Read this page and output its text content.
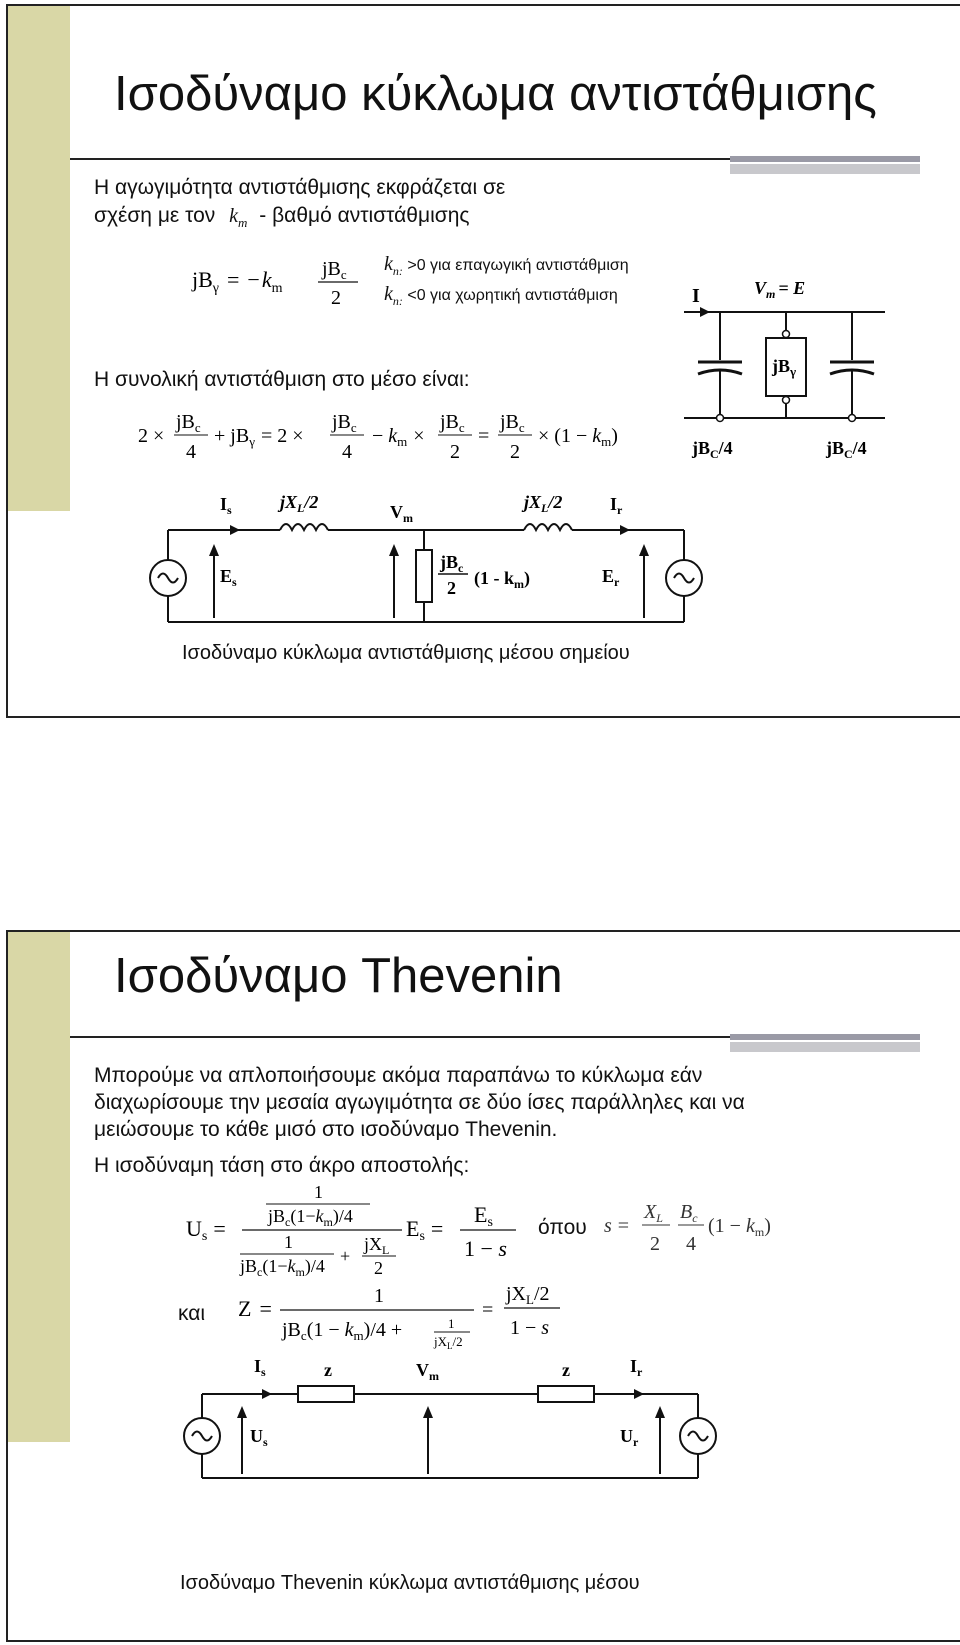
Ισοδύναμο κύκλωμα αντιστάθμισης
Η αγωγιμότητα αντιστάθμισης εκφράζεται σε
σχέση με τον $k_m$ - βαθμό αντιστάθμισης
$jB_\gamma = -k_m$
$jB_c$
2
$k_{n:} >0$ για επαγωγική αντιστάθμιση
$k_{n:} <0$ για χωρητική αντιστάθμιση
Η συνολική αντιστάθμιση στο μέσο είναι:
2 ×
$jB_c$
4
+ $jB_\gamma = 2$ ×
$jB_c$
4
− $k_m$ ×
$jB_c$
2
=
$jB_c$
2
× $(1 - k_m)$
I	$V_m = E$
$jB_\gamma$
$jB_C/4$	$jB_C/4$
$I_s$	$jX_L/2$	$V_m$
$jX_L/2$	$I_r$
$E_s$	$E_r$
$jB_c$
2 $(1 - k_m)$
Ισοδύναμο κύκλωμα αντιστάθμισης μέσου σημείου
Ισοδύναμο Thevenin
Μπορούμε να απλοποιήσουμε ακόμα παραπάνω το κύκλωμα εάν
διαχωρίσουμε την μεσαία αγωγιμότητα σε δύο ίσες παράλληλες και να
μειώσουμε το κάθε μισό στο ισοδύναμο Thevenin.
Η ισοδύναμη τάση στο άκρο αποστολής:
Us =
1
$jB_c(1-k_m)/4$
1
$jB_c(1-k_m)/4$ +
$jX_L$
2
Es =
Es
1 − s
όπου s =
$X_L$
2
$B_c$
4
$(1 - k_m)$
και Z =	1
$jB_c(1 - k_m)/4$ +	1
$jX_L/2$
=
$jX_L/2$
1 − s
$I_s$	z	$V_m$	z	$I_r$
$U_s$	$U_r$
Ισοδύναμο Thevenin κύκλωμα αντιστάθμισης μέσου
